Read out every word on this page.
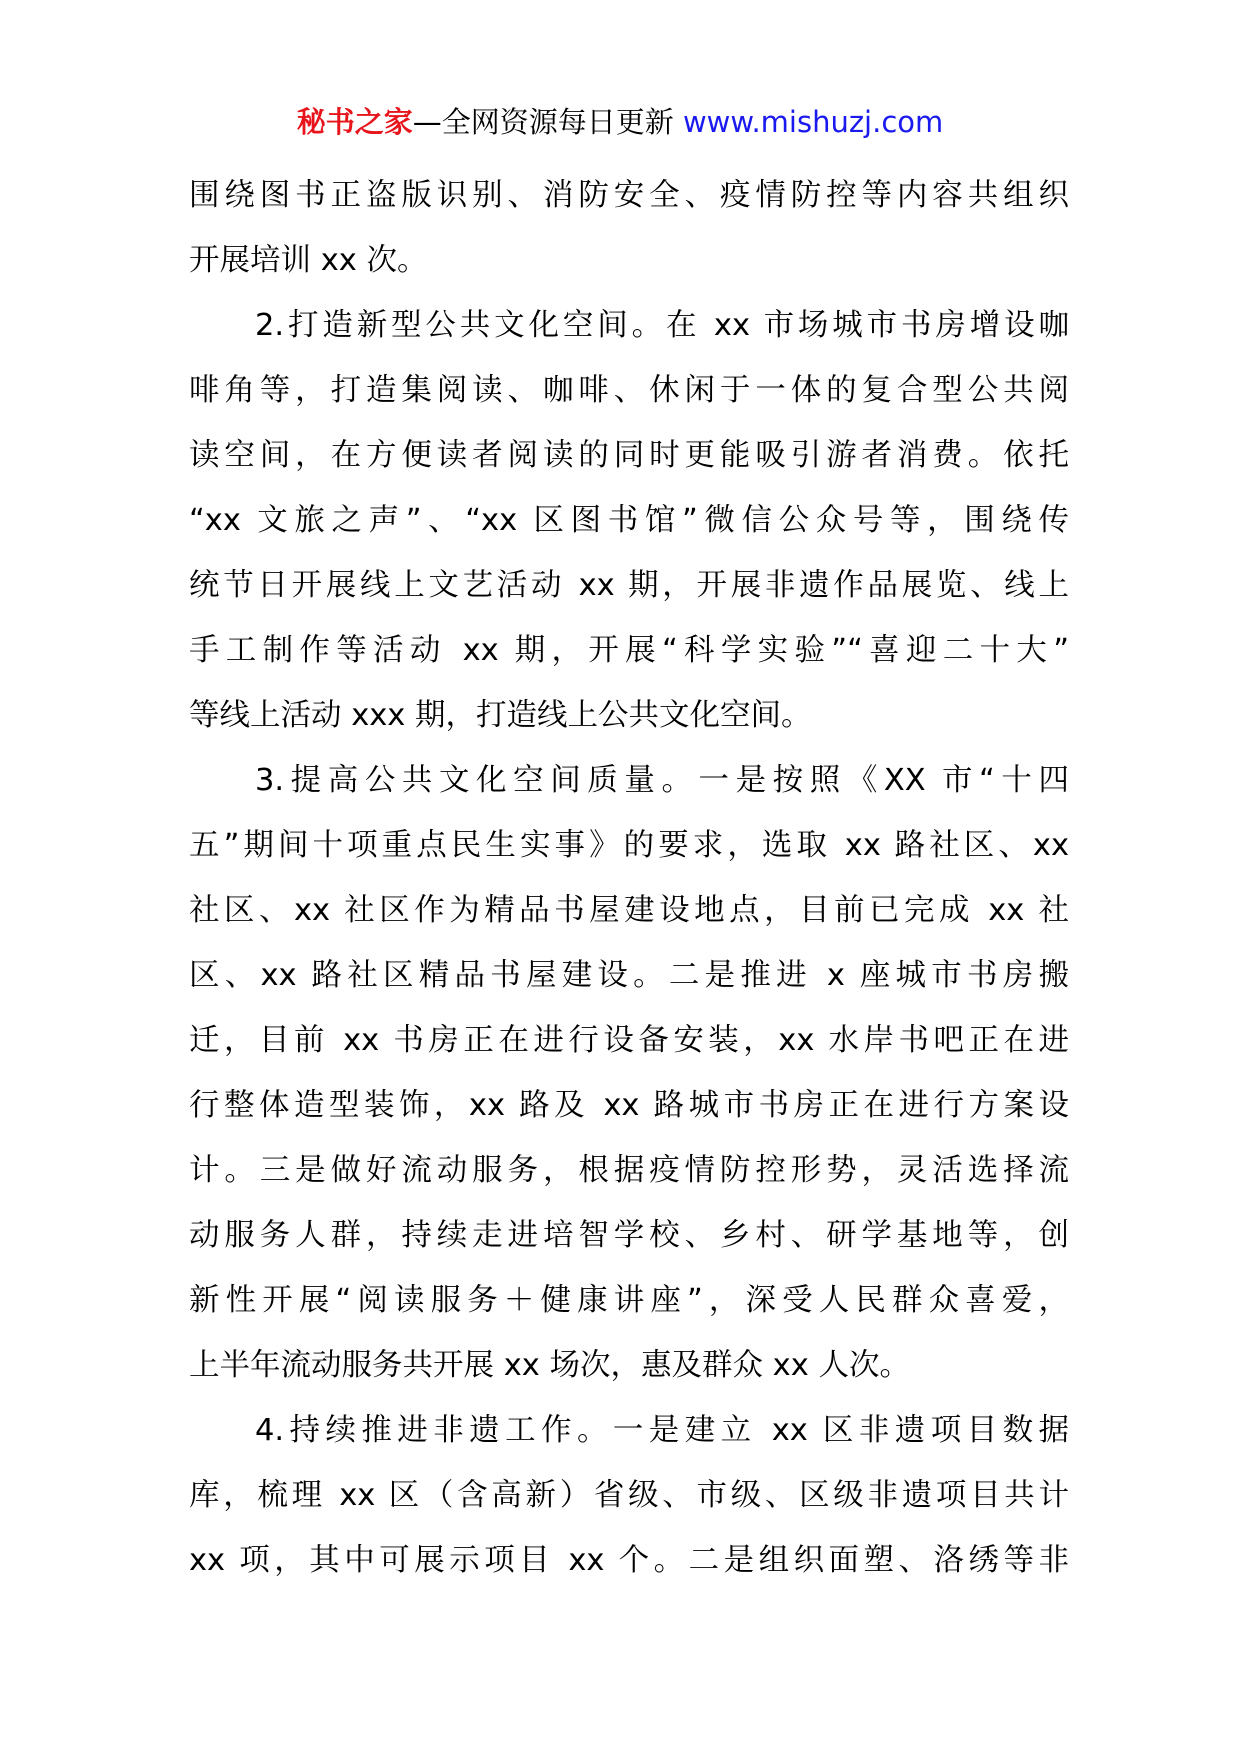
秘书之家—全网资源每日更新 www.mishuzj.com
围绕图书正盗版识别、消防安全、疫情防控等内容共组织
开展培训 xx 次。
2.打造新型公共文化空间。在 xx 市场城市书房增设咖
啡角等，打造集阅读、咖啡、休闲于一体的复合型公共阅
读空间，在方便读者阅读的同时更能吸引游者消费。依托
“xx 文旅之声”、“xx 区图书馆”微信公众号等，围绕传
统节日开展线上文艺活动 xx 期，开展非遗作品展览、线上
手工制作等活动 xx 期，开展“科学实验”“喜迎二十大”
等线上活动 xxx 期，打造线上公共文化空间。
3.提高公共文化空间质量。一是按照《XX 市“十四
五”期间十项重点民生实事》的要求，选取 xx 路社区、xx
社区、xx 社区作为精品书屋建设地点，目前已完成 xx 社
区、xx 路社区精品书屋建设。二是推进 x 座城市书房搬
迁，目前 xx 书房正在进行设备安装，xx 水岸书吧正在进
行整体造型装饰，xx 路及 xx 路城市书房正在进行方案设
计。三是做好流动服务，根据疫情防控形势，灵活选择流
动服务人群，持续走进培智学校、乡村、研学基地等，创
新性开展“阅读服务＋健康讲座”，深受人民群众喜爱，
上半年流动服务共开展 xx 场次，惠及群众 xx 人次。
4.持续推进非遗工作。一是建立 xx 区非遗项目数据
库，梳理 xx 区（含高新）省级、市级、区级非遗项目共计
xx 项，其中可展示项目 xx 个。二是组织面塑、洛绣等非
